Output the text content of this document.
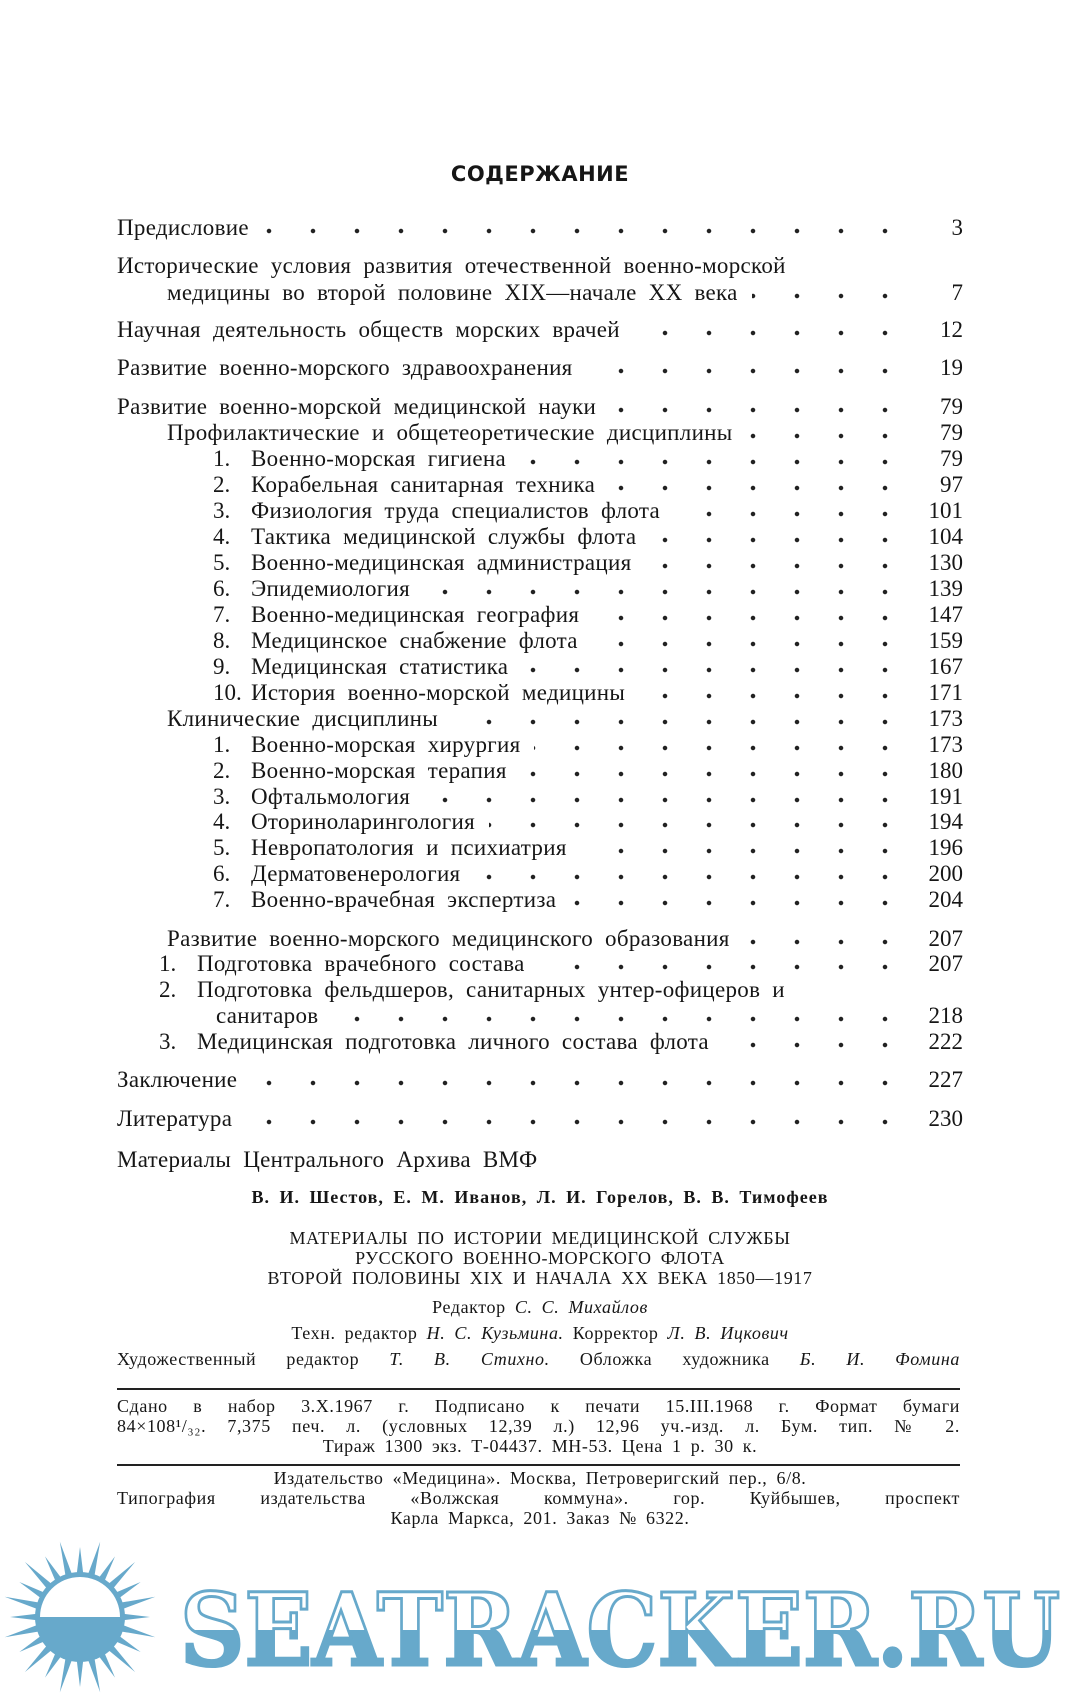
СОДЕРЖАНИЕ
Предисловие	3
Исторические условия развития отечественной военно-морской
медицины во второй половине XIX—начале XX века	7
Научная деятельность обществ морских врачей	12
Развитие военно-морского здравоохранения	19
Развитие военно-морской медицинской науки	79
Профилактические и общетеоретические дисциплины	79
1. Военно-морская гигиена	79
2. Корабельная санитарная техника	97
3. Физиология труда специалистов флота	101
4. Тактика медицинской службы флота	104
5. Военно-медицинская администрация	130
6. Эпидемиология	139
7. Военно-медицинская география	147
8. Медицинское снабжение флота	159
9. Медицинская статистика	167
10. История военно-морской медицины	171
Клинические дисциплины	173
1. Военно-морская хирургия	173
2. Военно-морская терапия	180
3. Офтальмология	191
4. Оториноларингология	194
5. Невропатология и психиатрия	196
6. Дерматовенерология	200
7. Военно-врачебная экспертиза	204
Развитие военно-морского медицинского образования	207
1. Подготовка врачебного состава	207
2. Подготовка фельдшеров, санитарных унтер-офицеров и
санитаров	218
3. Медицинская подготовка личного состава флота	222
Заключение	227
Литература	230
Материалы Центрального Архива ВМФ
В. И. Шестов, Е. М. Иванов, Л. И. Горелов, В. В. Тимофеев
МАТЕРИАЛЫ ПО ИСТОРИИ МЕДИЦИНСКОЙ СЛУЖБЫ
РУССКОГО ВОЕННО-МОРСКОГО ФЛОТА
ВТОРОЙ ПОЛОВИНЫ XIX И НАЧАЛА XX ВЕКА 1850—1917
Редактор С. С. Михайлов
Техн. редактор Н. С. Кузьмина. Корректор Л. В. Ицкович
Художественный редактор Т. В. Стихно. Обложка художника Б. И. Фомина
Сдано в набор 3.X.1967 г. Подписано к печати 15.III.1968 г. Формат бумаги
84×108¹/₃₂. 7,375 печ. л. (условных 12,39 л.) 12,96 уч.-изд. л. Бум. тип. № 2.
Тираж 1300 экз. Т-04437. МН-53. Цена 1 р. 30 к.
Издательство «Медицина». Москва, Петроверигский пер., 6/8.
Типография издательства «Волжская коммуна». гор. Куйбышев, проспект
Карла Маркса, 201. Заказ № 6322.
SEATRACKER.RU
